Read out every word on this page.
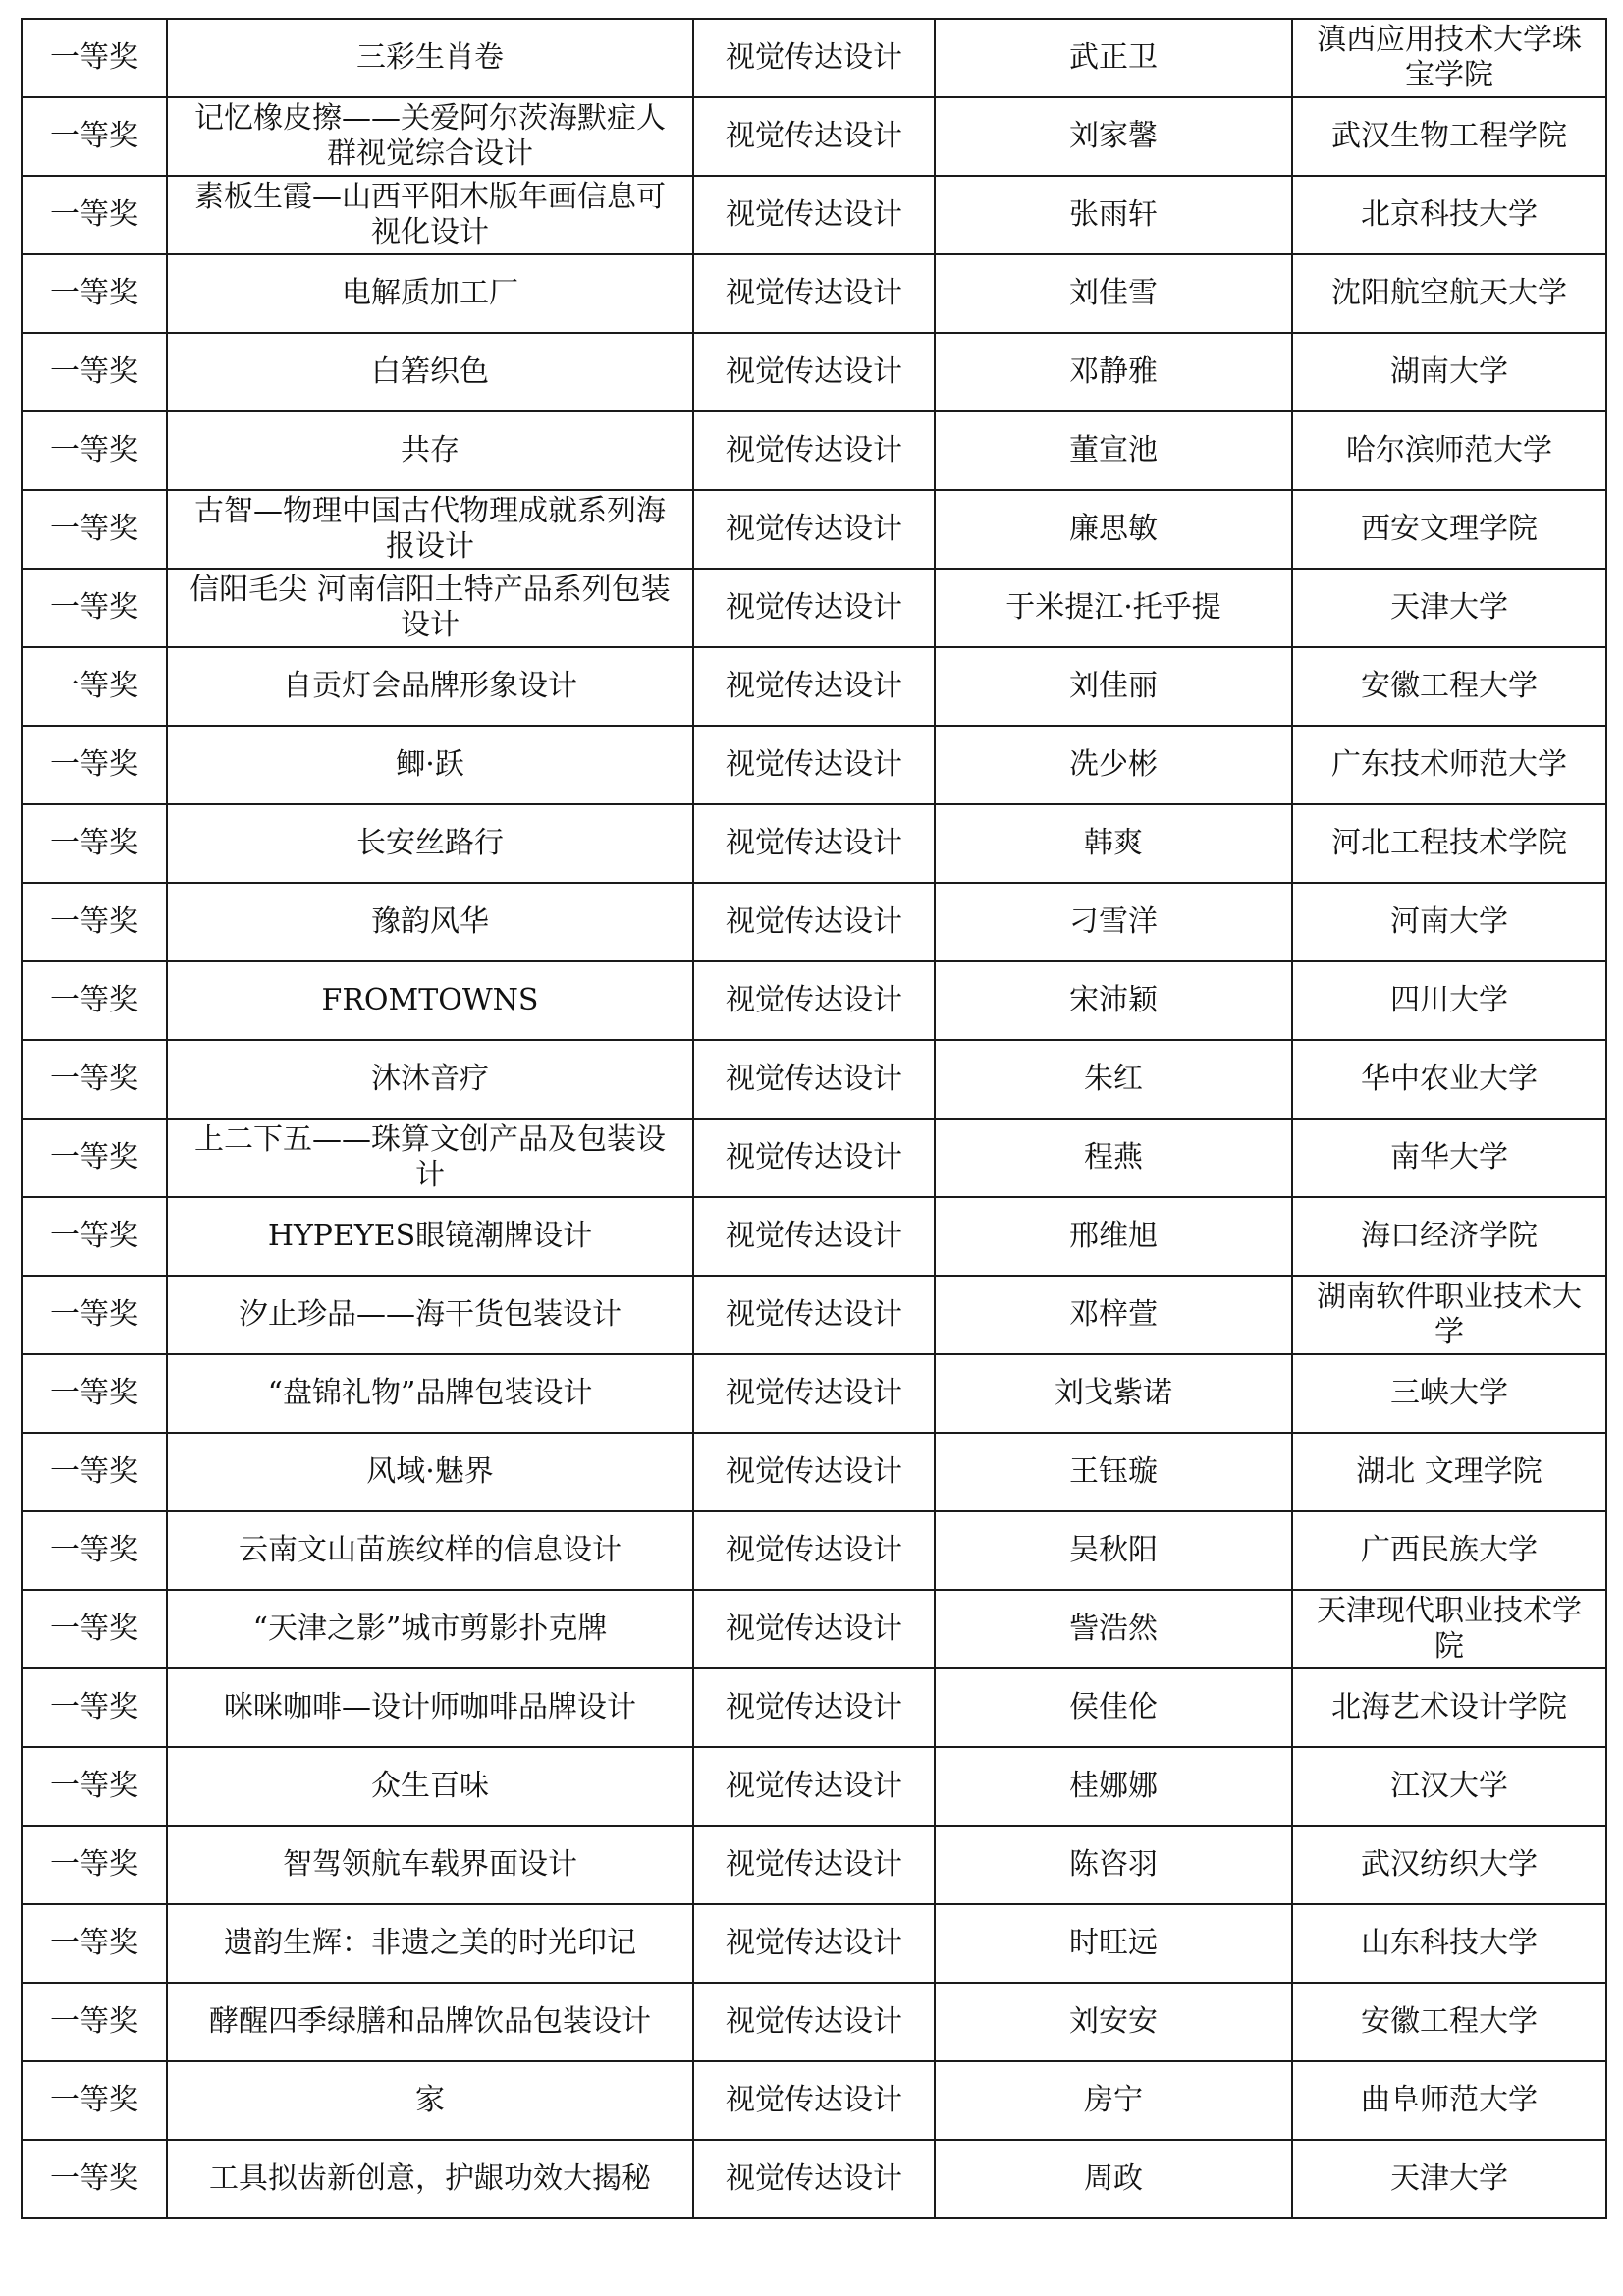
一等奖	三彩生肖卷	视觉传达设计	武正卫	滇西应用技术大学珠宝学院
一等奖	记忆橡皮擦——关爱阿尔茨海默症人群视觉综合设计	视觉传达设计	刘家馨	武汉生物工程学院
一等奖	素板生霞—山西平阳木版年画信息可视化设计	视觉传达设计	张雨轩	北京科技大学
一等奖	电解质加工厂	视觉传达设计	刘佳雪	沈阳航空航天大学
一等奖	白箬织色	视觉传达设计	邓静雅	湖南大学
一等奖	共存	视觉传达设计	董宣池	哈尔滨师范大学
一等奖	古智—物理中国古代物理成就系列海报设计	视觉传达设计	廉思敏	西安文理学院
一等奖	信阳毛尖 河南信阳土特产品系列包装设计	视觉传达设计	于米提江·托乎提	天津大学
一等奖	自贡灯会品牌形象设计	视觉传达设计	刘佳丽	安徽工程大学
一等奖	鲫·跃	视觉传达设计	冼少彬	广东技术师范大学
一等奖	长安丝路行	视觉传达设计	韩爽	河北工程技术学院
一等奖	豫韵风华	视觉传达设计	刁雪洋	河南大学
一等奖	FROMTOWNS	视觉传达设计	宋沛颖	四川大学
一等奖	沐沐音疗	视觉传达设计	朱红	华中农业大学
一等奖	上二下五——珠算文创产品及包装设计	视觉传达设计	程燕	南华大学
一等奖	HYPEYES眼镜潮牌设计	视觉传达设计	邢维旭	海口经济学院
一等奖	汐止珍品——海干货包装设计	视觉传达设计	邓梓萱	湖南软件职业技术大学
一等奖	“盘锦礼物”品牌包装设计	视觉传达设计	刘戈紫诺	三峡大学
一等奖	风域·魅界	视觉传达设计	王钰璇	湖北 文理学院
一等奖	云南文山苗族纹样的信息设计	视觉传达设计	吴秋阳	广西民族大学
一等奖	“天津之影”城市剪影扑克牌	视觉传达设计	訾浩然	天津现代职业技术学院
一等奖	咪咪咖啡—设计师咖啡品牌设计	视觉传达设计	侯佳伦	北海艺术设计学院
一等奖	众生百味	视觉传达设计	桂娜娜	江汉大学
一等奖	智驾领航车载界面设计	视觉传达设计	陈咨羽	武汉纺织大学
一等奖	遗韵生辉：非遗之美的时光印记	视觉传达设计	时旺远	山东科技大学
一等奖	酵醒四季绿膳和品牌饮品包装设计	视觉传达设计	刘安安	安徽工程大学
一等奖	家	视觉传达设计	房宁	曲阜师范大学
一等奖	工具拟齿新创意，护龈功效大揭秘	视觉传达设计	周政	天津大学
